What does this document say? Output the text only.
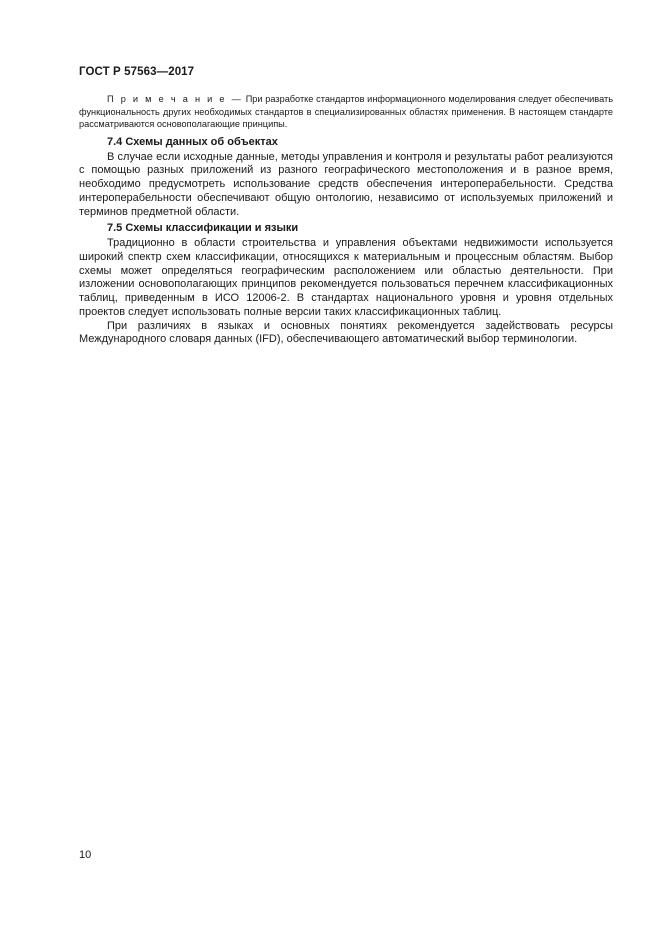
ГОСТ Р 57563—2017

П р и м е ч а н и е — При разработке стандартов информационного моделирования следует обеспечивать функциональность других необходимых стандартов в специализированных областях применения. В настоящем стандарте рассматриваются основополагающие принципы.

7.4 Схемы данных об объектах

В случае если исходные данные, методы управления и контроля и результаты работ реализуются с помощью разных приложений из разного географического местоположения и в разное время, необходимо предусмотреть использование средств обеспечения интероперабельности. Средства интероперабельности обеспечивают общую онтологию, независимо от используемых приложений и терминов предметной области.

7.5 Схемы классификации и языки

Традиционно в области строительства и управления объектами недвижимости используется широкий спектр схем классификации, относящихся к материальным и процессным областям. Выбор схемы может определяться географическим расположением или областью деятельности. При изложении основополагающих принципов рекомендуется пользоваться перечнем классификационных таблиц, приведенным в ИСО 12006-2. В стандартах национального уровня и уровня отдельных проектов следует использовать полные версии таких классификационных таблиц.

При различиях в языках и основных понятиях рекомендуется задействовать ресурсы Международного словаря данных (IFD), обеспечивающего автоматический выбор терминологии.

10
